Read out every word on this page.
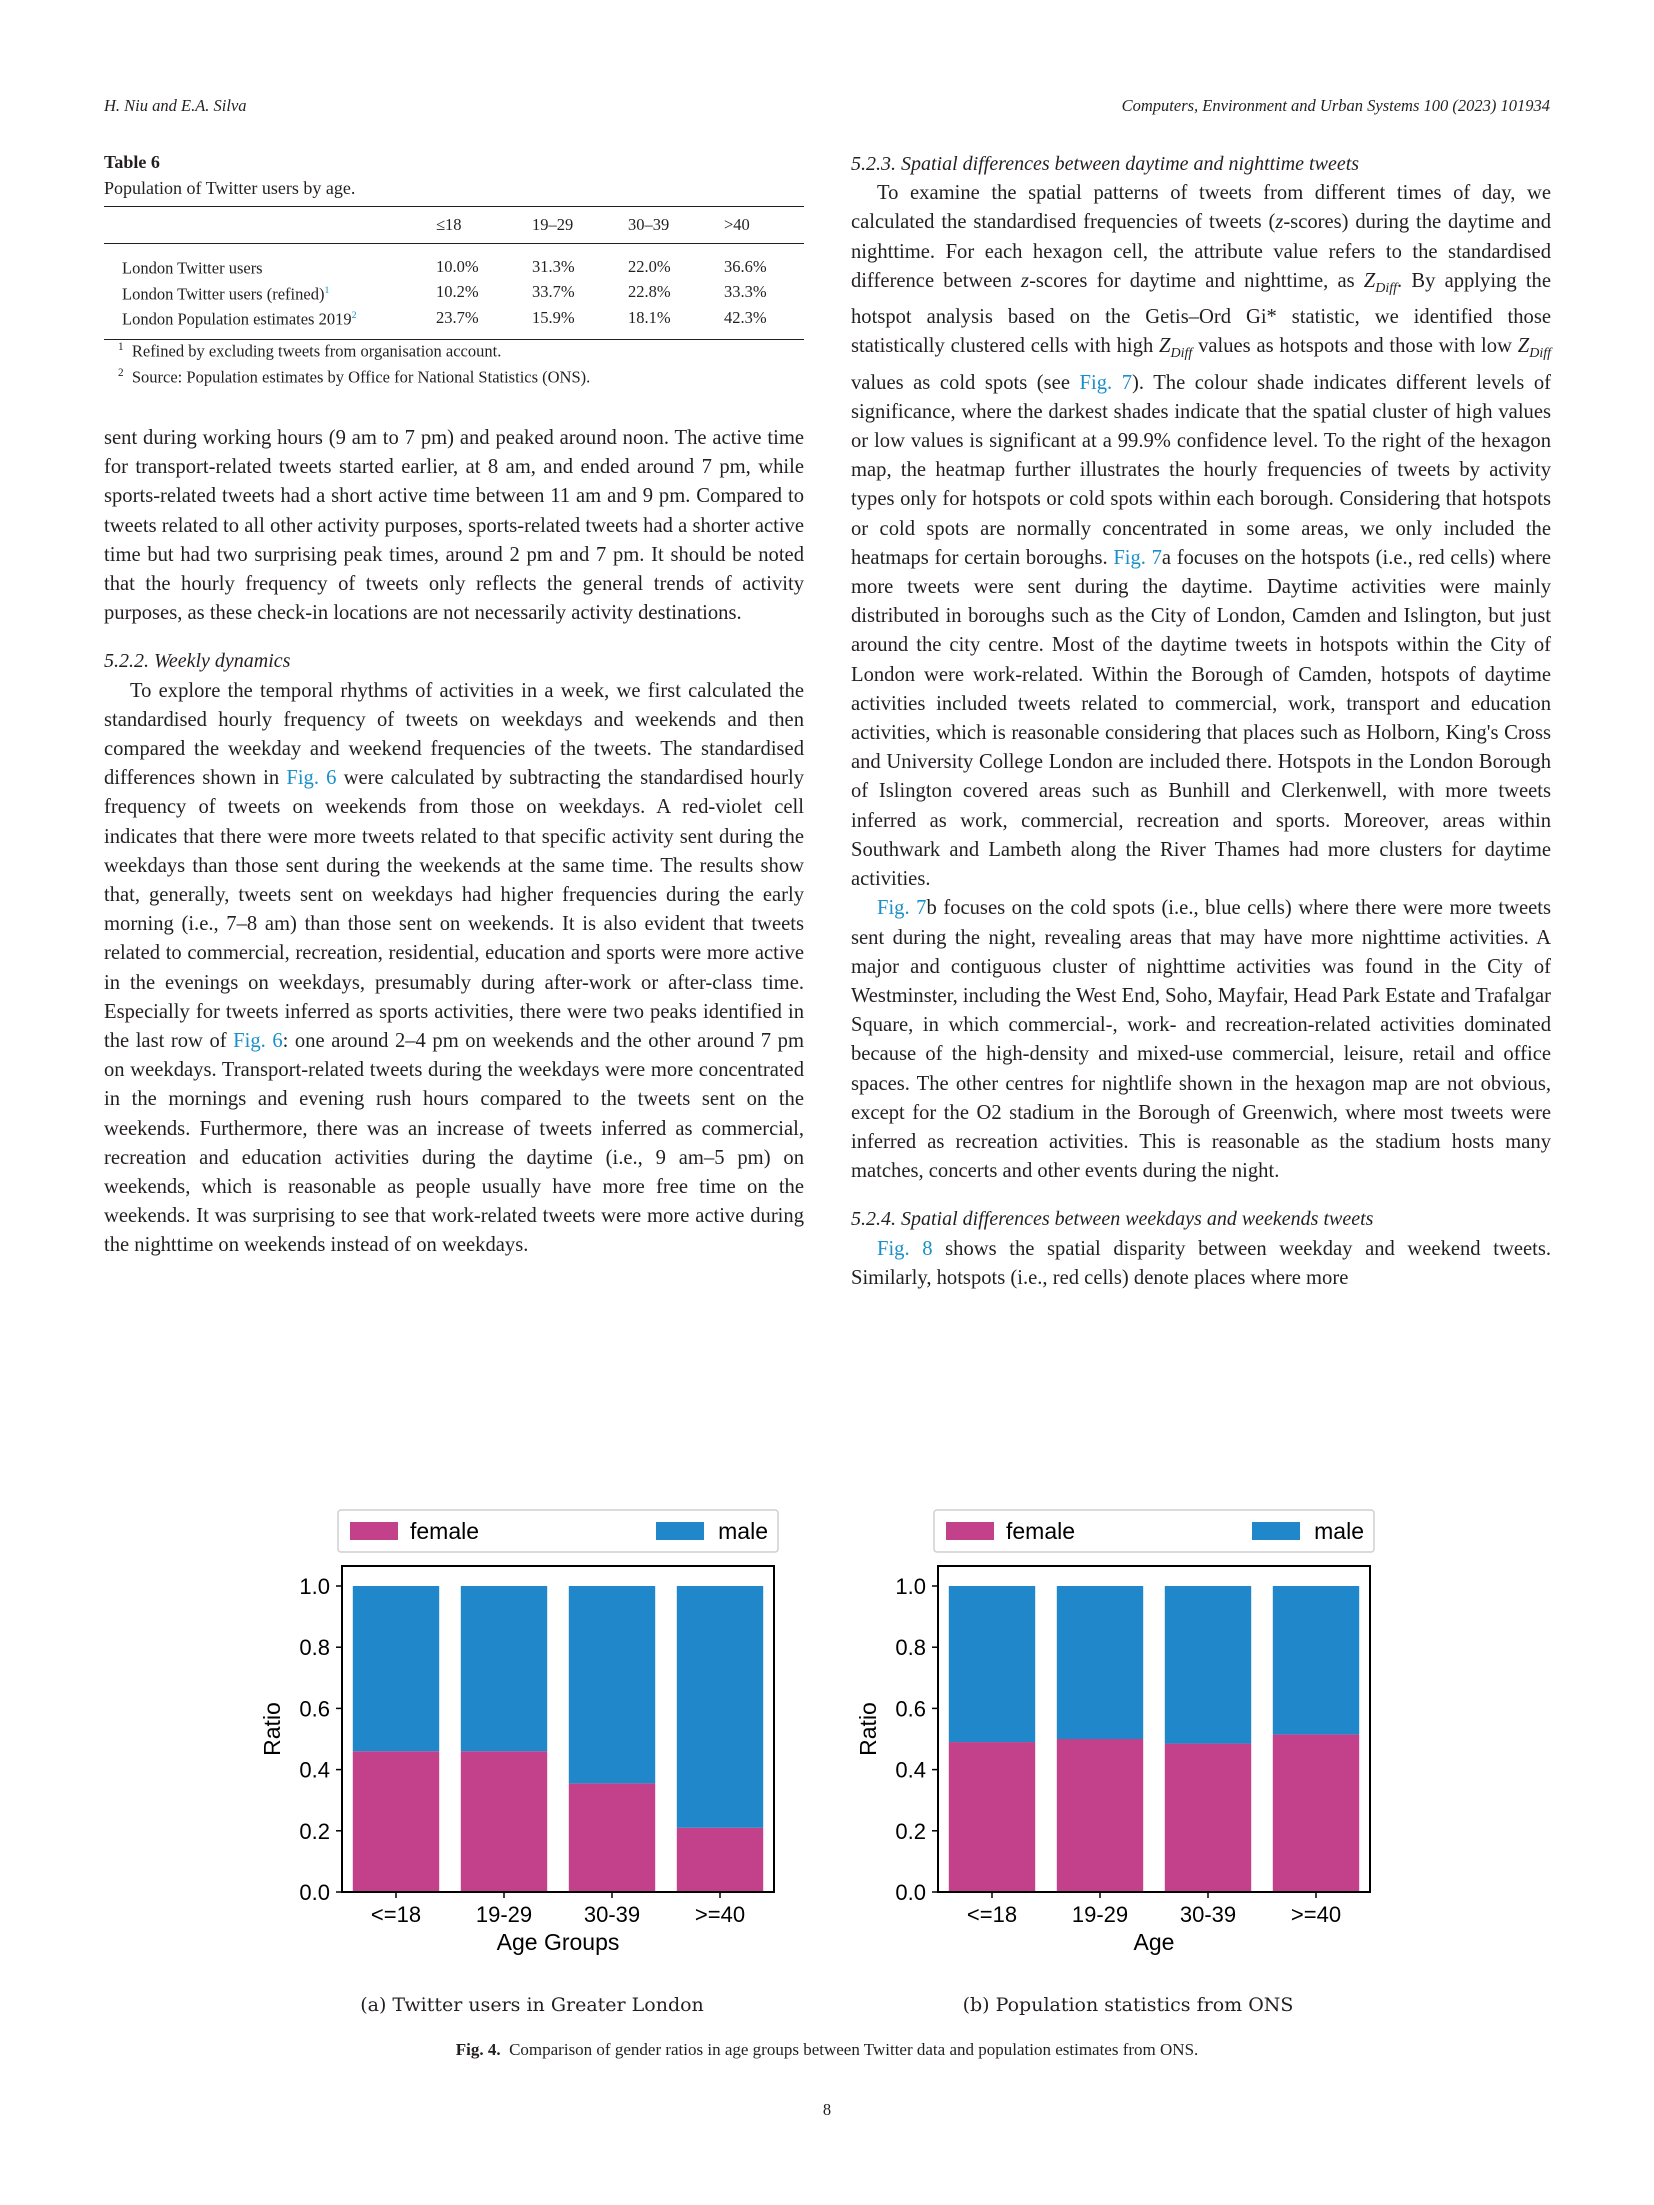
H. Niu and E.A. Silva	Computers, Environment and Urban Systems 100 (2023) 101934
Table 6
Population of Twitter users by age.
	≤18	19–29	30–39	>40
London Twitter users	10.0%	31.3%	22.0%	36.6%
London Twitter users (refined)$^1$	10.2%	33.7%	22.8%	33.3%
London Population estimates 2019$^2$	23.7%	15.9%	18.1%	42.3%
$^1$ Refined by excluding tweets from organisation account.
$^2$ Source: Population estimates by Office for National Statistics (ONS).

sent during working hours (9 am to 7 pm) and peaked around noon. The active time for transport-related tweets started earlier, at 8 am, and ended around 7 pm, while sports-related tweets had a short active time between 11 am and 9 pm. Compared to tweets related to all other activity purposes, sports-related tweets had a shorter active time but had two surprising peak times, around 2 pm and 7 pm. It should be noted that the hourly frequency of tweets only reflects the general trends of activity purposes, as these check-in locations are not necessarily activity destinations.

5.2.2. Weekly dynamics

To explore the temporal rhythms of activities in a week, we first calculated the standardised hourly frequency of tweets on weekdays and weekends and then compared the weekday and weekend frequencies of the tweets. The standardised differences shown in Fig. 6 were calculated by subtracting the standardised hourly frequency of tweets on weekends from those on weekdays. A red-violet cell indicates that there were more tweets related to that specific activity sent during the weekdays than those sent during the weekends at the same time. The results show that, generally, tweets sent on weekdays had higher frequencies during the early morning (i.e., 7–8 am) than those sent on weekends. It is also evident that tweets related to commercial, recreation, residential, education and sports were more active in the evenings on weekdays, presumably during after-work or after-class time. Especially for tweets inferred as sports activities, there were two peaks identified in the last row of Fig. 6: one around 2–4 pm on weekends and the other around 7 pm on weekdays. Transport-related tweets during the weekdays were more concentrated in the mornings and evening rush hours compared to the tweets sent on the weekends. Furthermore, there was an increase of tweets inferred as commercial, recreation and education activities during the daytime (i.e., 9 am–5 pm) on weekends, which is reasonable as people usually have more free time on the weekends. It was surprising to see that work-related tweets were more active during the nighttime on weekends instead of on weekdays.

5.2.3. Spatial differences between daytime and nighttime tweets

To examine the spatial patterns of tweets from different times of day, we calculated the standardised frequencies of tweets (z-scores) during the daytime and nighttime. For each hexagon cell, the attribute value refers to the standardised difference between z-scores for daytime and nighttime, as $Z_{Diff}$. By applying the hotspot analysis based on the Getis–Ord Gi* statistic, we identified those statistically clustered cells with high $Z_{Diff}$ values as hotspots and those with low $Z_{Diff}$ values as cold spots (see Fig. 7). The colour shade indicates different levels of significance, where the darkest shades indicate that the spatial cluster of high values or low values is significant at a 99.9% confidence level. To the right of the hexagon map, the heatmap further illustrates the hourly frequencies of tweets by activity types only for hotspots or cold spots within each borough. Considering that hotspots or cold spots are normally concentrated in some areas, we only included the heatmaps for certain boroughs. Fig. 7a focuses on the hotspots (i.e., red cells) where more tweets were sent during the daytime. Daytime activities were mainly distributed in boroughs such as the City of London, Camden and Islington, but just around the city centre. Most of the daytime tweets in hotspots within the City of London were work-related. Within the Borough of Camden, hotspots of daytime activities included tweets related to commercial, work, transport and education activities, which is reasonable considering that places such as Holborn, King's Cross and University College London are included there. Hotspots in the London Borough of Islington covered areas such as Bunhill and Clerkenwell, with more tweets inferred as work, commercial, recreation and sports. Moreover, areas within Southwark and Lambeth along the River Thames had more clusters for daytime activities.

Fig. 7b focuses on the cold spots (i.e., blue cells) where there were more tweets sent during the night, revealing areas that may have more nighttime activities. A major and contiguous cluster of nighttime activities was found in the City of Westminster, including the West End, Soho, Mayfair, Head Park Estate and Trafalgar Square, in which commercial-, work- and recreation-related activities dominated because of the high-density and mixed-use commercial, leisure, retail and office spaces. The other centres for nightlife shown in the hexagon map are not obvious, except for the O2 stadium in the Borough of Greenwich, where most tweets were inferred as recreation activities. This is reasonable as the stadium hosts many matches, concerts and other events during the night.

5.2.4. Spatial differences between weekdays and weekends tweets

Fig. 8 shows the spatial disparity between weekday and weekend tweets. Similarly, hotspots (i.e., red cells) denote places where more

0.0
0.2
0.4
0.6
0.8
1.0
<=18 19-29 30-39 >=40
Age Groups
Ratio
female	male
0.0
0.2
0.4
0.6
0.8
1.0
<=18 19-29 30-39 >=40
Age
Ratio
female	male
(a) Twitter users in Greater London	(b) Population statistics from ONS
Fig. 4. Comparison of gender ratios in age groups between Twitter data and population estimates from ONS.
8
